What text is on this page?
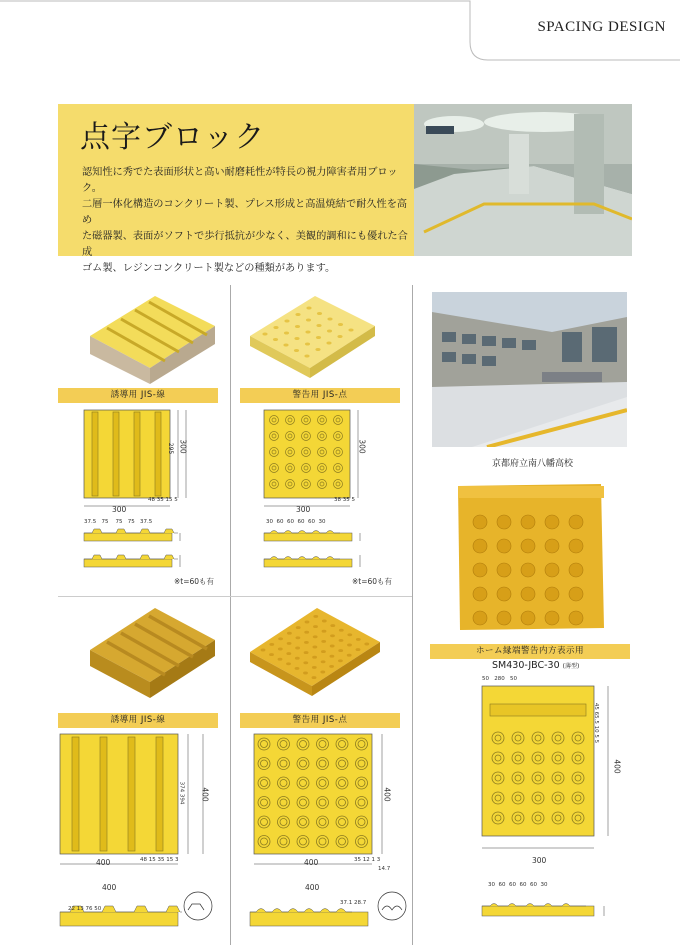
SPACING DESIGN
点字ブロック
認知性に秀でた表面形状と高い耐磨耗性が特長の視力障害者用ブロック。
二層一体化構造のコンクリート製、プレス形成と高温焼結で耐久性を高め
た磁器製、表面がソフトで歩行抵抗が少なく、美観的調和にも優れた合成
ゴム製、レジンコンクリート製などの種類があります。
誘導用 JIS-線
300
300
295
48 35 15 5
37.5   75    75   75   37.5
※t=60も有
警告用 JIS-点
300
300
38 35 5
30  60  60  60  60  30
※t=60も有
誘導用 JIS-線
400
400
374 394
48 15 35 15 3
400
22 13 76 50
警告用 JIS-点
400
400
35 12 1 3
14.7
400
37.1 28.7
京都府立南八幡高校
ホーム縁端警告内方表示用
SM430-JBC-30 (薄型)
50   280   50
400
45 65.5 10 5 5
300
30  60  60  60  60  30
